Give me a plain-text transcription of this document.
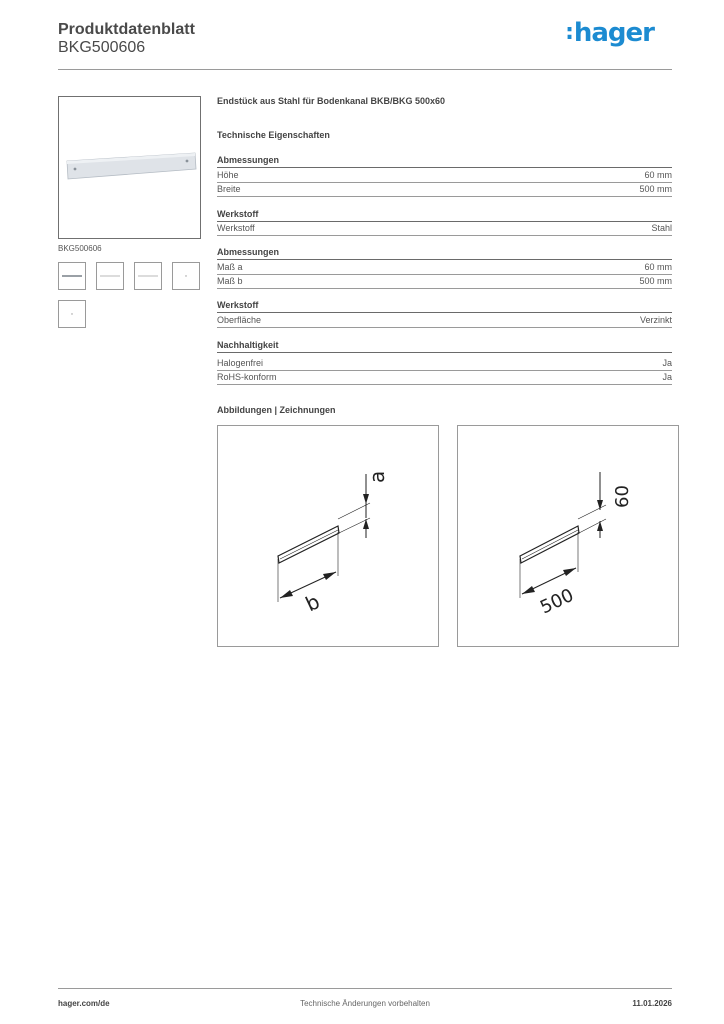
Produktdatenblatt
BKG500606
:hager
BKG500606
Endstück aus Stahl für Bodenkanal BKB/BKG 500x60
Technische Eigenschaften
Abmessungen
Höhe	60 mm
Breite	500 mm
Werkstoff
Werkstoff	Stahl
Abmessungen
Maß a	60 mm
Maß b	500 mm
Werkstoff
Oberfläche	Verzinkt
Nachhaltigkeit
Halogenfrei	Ja
RoHS-konform	Ja
Abbildungen | Zeichnungen
b
a
500
60
hager.com/de	Technische Änderungen vorbehalten	11.01.2026
